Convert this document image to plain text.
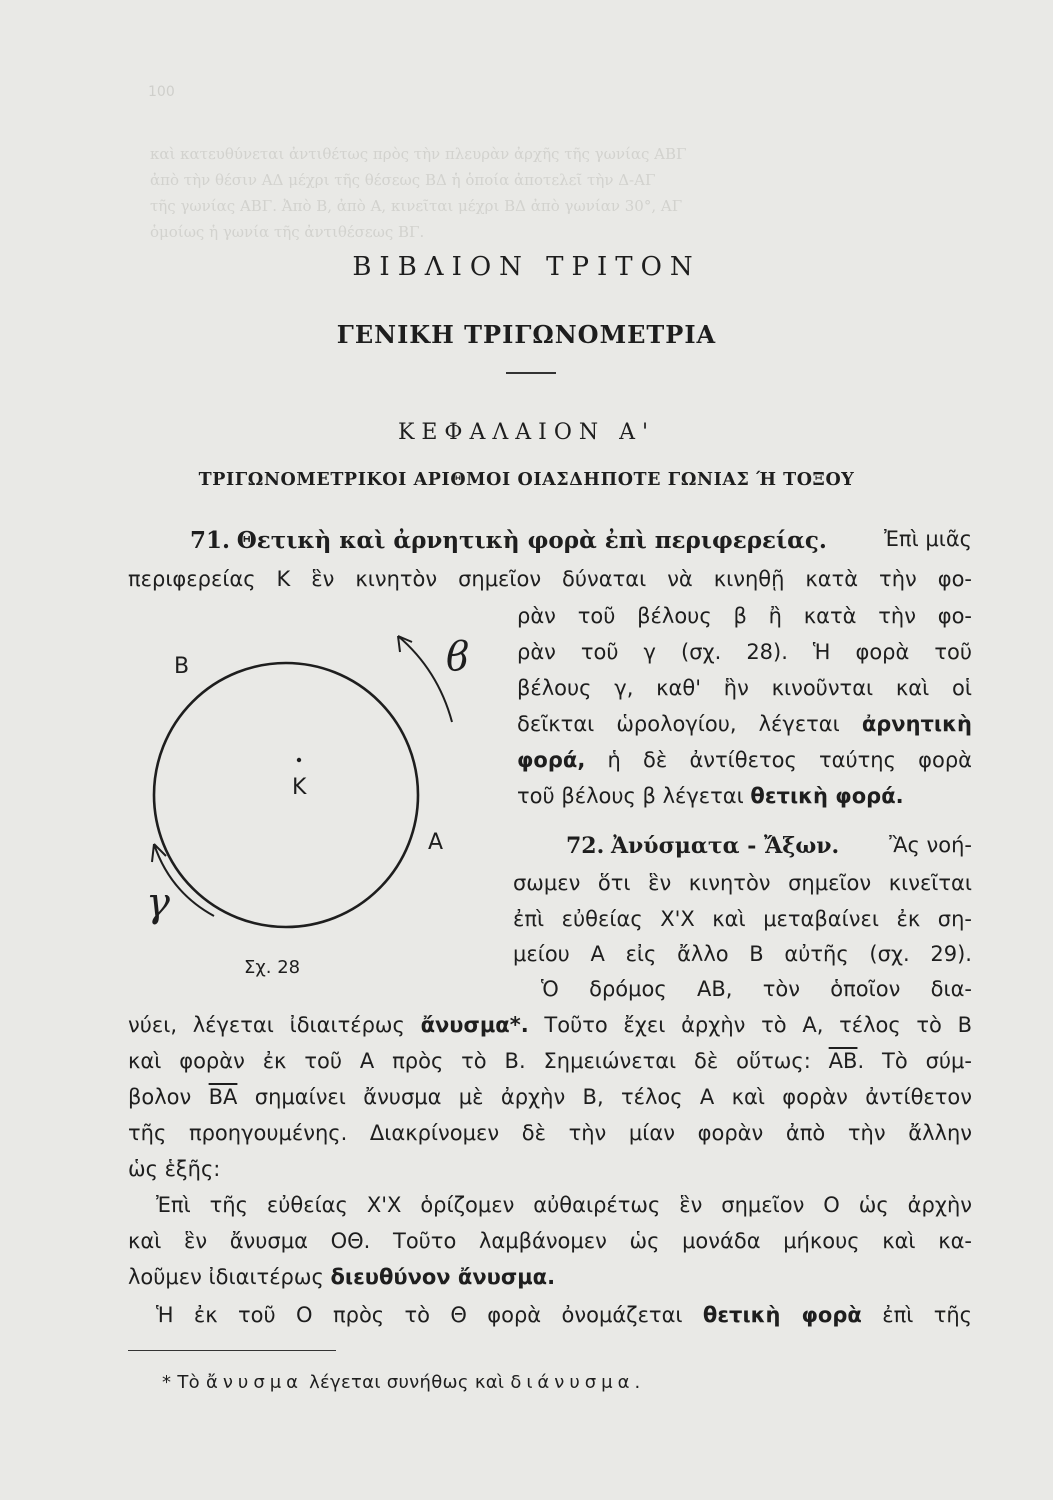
100
καὶ κατευθύνεται ἀντιθέτως πρὸς τὴν πλευρὰν ἀρχῆς τῆς γωνίας ABΓ
ἀπὸ τὴν θέσιν ΑΔ μέχρι τῆς θέσεως ΒΔ ἡ ὁποία ἀποτελεῖ τὴν Δ-ΑΓ
τῆς γωνίας ABΓ. Ἀπὸ Β, ἀπὸ Α, κινεῖται μέχρι ΒΔ ἀπὸ γωνίαν 30°, ΑΓ
ὁμοίως ἡ γωνία τῆς ἀντιθέσεως ΒΓ.
ΒΙΒΛΙΟΝ ΤΡΙΤΟΝ
ΓΕΝΙΚΗ ΤΡΙΓΩΝΟΜΕΤΡΙΑ
ΚΕΦΑΛΑΙΟΝ Α'
ΤΡΙΓΩΝΟΜΕΤΡΙΚΟΙ ΑΡΙΘΜΟΙ ΟΙΑΣΔΗΠΟΤΕ ΓΩΝΙΑΣ Ή ΤΟΞΟΥ
71. Θετικὴ καὶ ἀρνητικὴ φορὰ ἐπὶ περιφερείας.	Ἐπὶ μιᾶς
περιφερείας K ἓν κινητὸν σημεῖον δύναται νὰ κινηθῇ κατὰ τὴν φο-
ρὰν τοῦ βέλους β ἢ κατὰ τὴν φο-
ρὰν τοῦ γ (σχ. 28). Ἡ φορὰ τοῦ
βέλους γ, καθ' ἣν κινοῦνται καὶ οἱ
δεῖκται ὡρολογίου, λέγεται ἀρνητικὴ
φορά, ἡ δὲ ἀντίθετος ταύτης φορὰ
τοῦ βέλους β λέγεται θετικὴ φορά.
B
A
K
ϐ
γ
Σχ. 28
72. Ἀνύσματα - Ἄξων. Ἂς νοή-
σωμεν ὅτι ἓν κινητὸν σημεῖον κινεῖται
ἐπὶ εὐθείας X'X καὶ μεταβαίνει ἐκ ση-
μείου A εἰς ἄλλο B αὐτῆς (σχ. 29).
Ὁ δρόμος AB, τὸν ὁποῖον δια-
νύει, λέγεται ἰδιαιτέρως ἄνυσμα*. Τοῦτο ἔχει ἀρχὴν τὸ A, τέλος τὸ B
καὶ φορὰν ἐκ τοῦ A πρὸς τὸ B. Σημειώνεται δὲ οὕτως: $\overline{AB}$. Τὸ σύμ-
βολον $\overline{BA}$ σημαίνει ἄνυσμα μὲ ἀρχὴν B, τέλος A καὶ φορὰν ἀντίθετον
τῆς προηγουμένης. Διακρίνομεν δὲ τὴν μίαν φορὰν ἀπὸ τὴν ἄλλην
ὡς ἑξῆς:
Ἐπὶ τῆς εὐθείας X'X ὁρίζομεν αὐθαιρέτως ἓν σημεῖον O ὡς ἀρχὴν
καὶ ἓν ἄνυσμα OΘ. Τοῦτο λαμβάνομεν ὡς μονάδα μήκους καὶ κα-
λοῦμεν ἰδιαιτέρως διευθύνον ἄνυσμα.
Ἡ ἐκ τοῦ O πρὸς τὸ Θ φορὰ ὀνομάζεται θετικὴ φορὰ ἐπὶ τῆς
* Τὸ ἄνυσμα λέγεται συνήθως καὶ διάνυσμα.
